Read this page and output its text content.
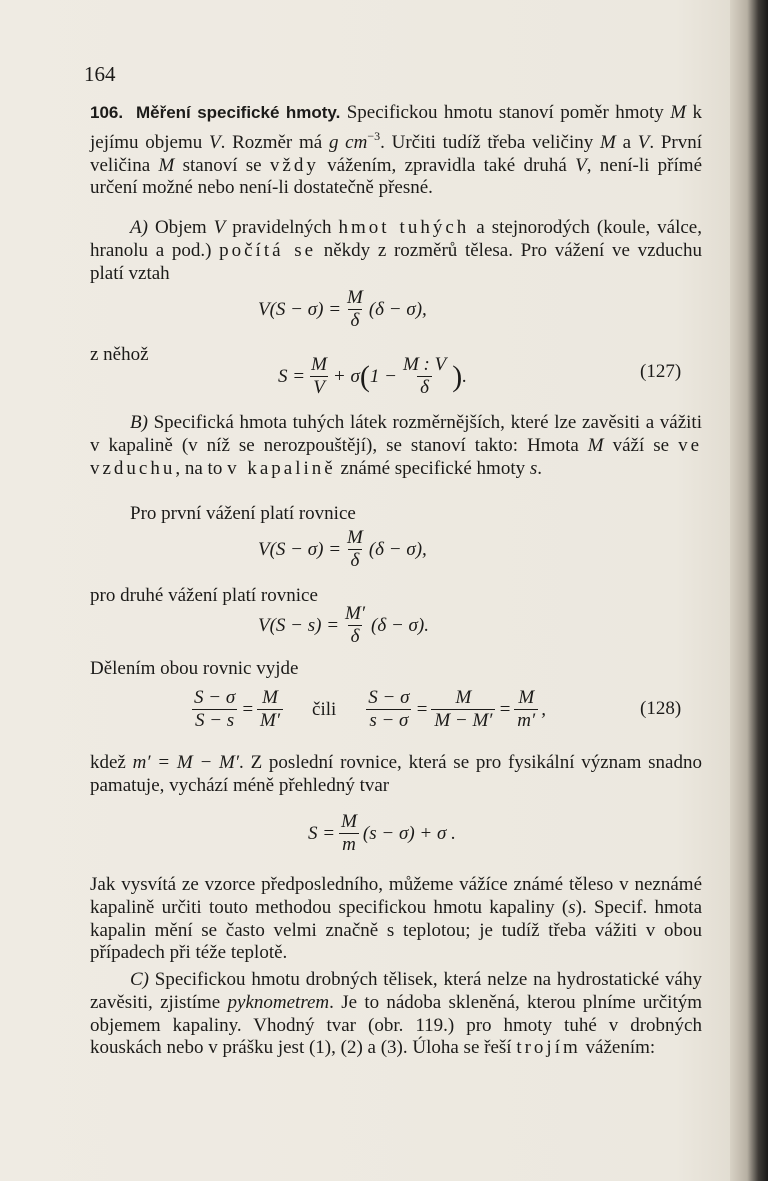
164

106. Měření specifické hmoty. Specifickou hmotu stanoví poměr hmoty M k jejímu objemu V. Rozměr má g $cm^{-3}$. Určiti tudíž třeba veličiny M a V. První veličina M stanoví se vždy vážením, zpravidla také druhá V, není-li přímé určení možné nebo není-li dostatečně přesné.

A) Objem V pravidelných hmot tuhých a stejnorodých (koule, válce, hranolu a pod.) počítá se někdy z rozměrů tělesa. Pro vážení ve vzduchu platí vztah

$V(S - \sigma) = \frac{M}{\delta} (\delta - \sigma)$,
z něhož
$S = \frac{M}{V} + \sigma$ ( $1 - \frac{M : V}{\delta}$ ) .	(127)

B) Specifická hmota tuhých látek rozměrnějších, které lze zavěsiti a vážiti v kapalině (v níž se nerozpouštějí), se stanoví takto: Hmota M váží se ve vzduchu, na to v kapalině známé specifické hmoty s.

Pro první vážení platí rovnice
$V(S - \sigma) = \frac{M}{\delta} (\delta - \sigma)$,
pro druhé vážení platí rovnice
$V(S - s) = \frac{M'}{\delta} (\delta - \sigma)$.
Dělením obou rovnic vyjde
$\frac{S - \sigma}{S - s} = \frac{M}{M'}$ čili $\frac{S - \sigma}{s - \sigma} = \frac{M}{M - M'} = \frac{M}{m'}$ ,	(128)

kdež m′ = M − M′. Z poslední rovnice, která se pro fysikální význam snadno pamatuje, vychází méně přehledný tvar

$S = \frac{M}{m} (s - \sigma) + \sigma$ .

Jak vysvítá ze vzorce předposledního, můžeme vážíce známé těleso v neznámé kapalině určiti touto methodou specifickou hmotu kapaliny (s). Specif. hmota kapalin mění se často velmi značně s teplotou; je tudíž třeba vážiti v obou případech při téže teplotě.

C) Specifickou hmotu drobných tělisek, která nelze na hydrostatické váhy zavěsiti, zjistíme pyknometrem. Je to nádoba skleněná, kterou plníme určitým objemem kapaliny. Vhodný tvar (obr. 119.) pro hmoty tuhé v drobných kouskách nebo v prášku jest (1), (2) a (3). Úloha se řeší trojím vážením:
